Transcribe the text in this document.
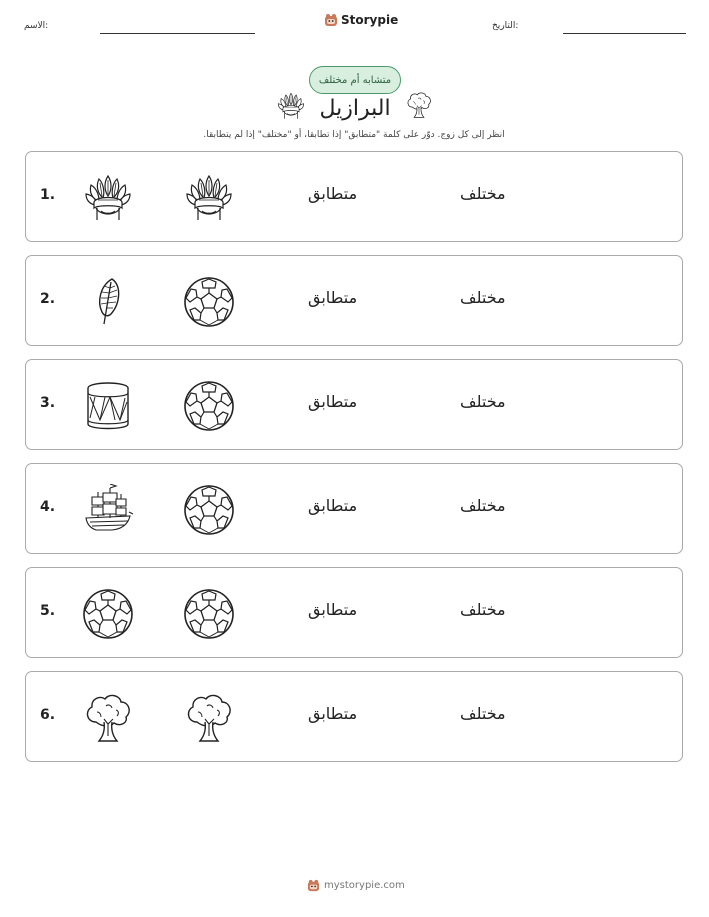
الاسم:	Storypie	التاريخ:
متشابه أم مختلف
البرازيل
انظر إلى كل زوج. دوّر على كلمة "متطابق" إذا تطابقا، أو "مختلف" إذا لم يتطابقا.
1.	متطابق	مختلف
2.	متطابق	مختلف
3.	متطابق	مختلف
4.	متطابق	مختلف
5.	متطابق	مختلف
6.	متطابق	مختلف
mystorypie.com
